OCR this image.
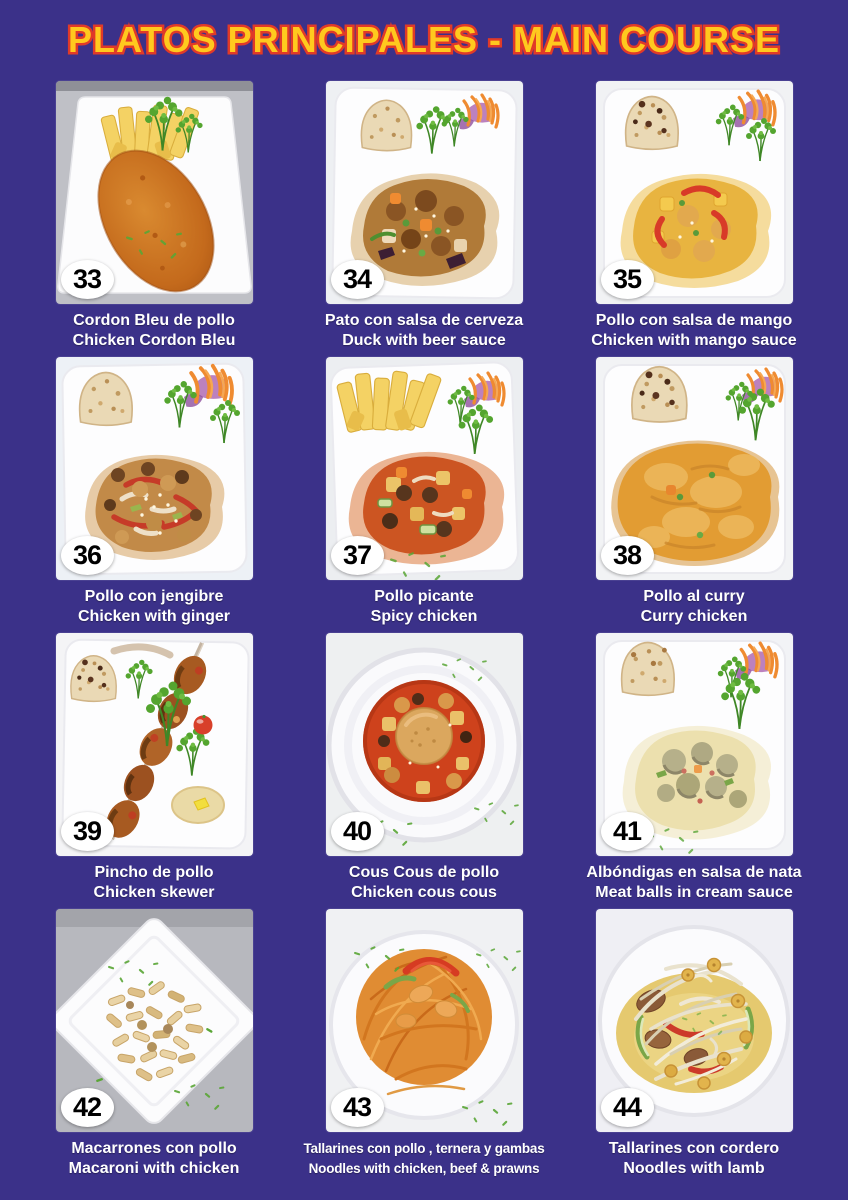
PLATOS PRINCIPALES - MAIN COURSE
33
Cordon Bleu de pollo
Chicken Cordon Bleu
34
Pato con salsa de cerveza
Duck with beer sauce
35
Pollo con salsa de mango
Chicken with mango sauce
36
Pollo con jengibre
Chicken with ginger
37
Pollo picante
Spicy chicken
38
Pollo al curry
Curry chicken
39
Pincho de pollo
Chicken skewer
40
Cous Cous de pollo
Chicken cous cous
41
Albóndigas en salsa de nata
Meat balls in cream sauce
42
Macarrones con pollo
Macaroni with chicken
43
Tallarines con pollo , ternera y gambas
Noodles with chicken, beef & prawns
44
Tallarines con cordero
Noodles with lamb
